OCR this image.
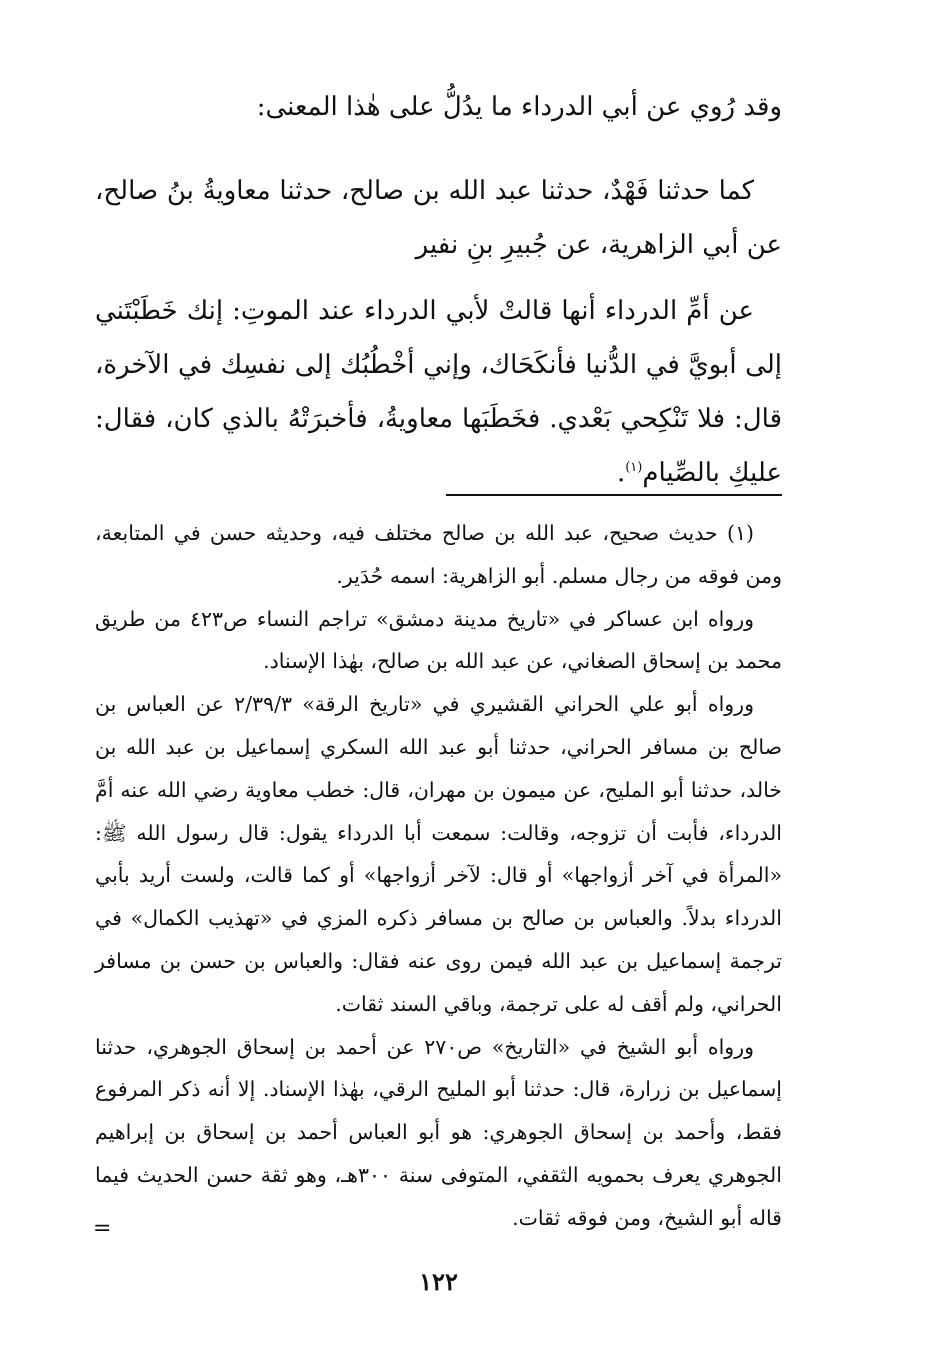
وقد رُوي عن أبي الدرداء ما يدُلُّ على هٰذا المعنى:

كما حدثنا فَهْدٌ، حدثنا عبد الله بن صالح، حدثنا معاويةُ بنُ صالح، عن أبي الزاهرية، عن جُبيرِ بنِ نفير

عن أمِّ الدرداء أنها قالتْ لأبي الدرداء عند الموتِ: إنك خَطَبْتَني إلى أبويَّ في الدُّنيا فأنكَحَاك، وإني أخْطُبُك إلى نفسِك في الآخرة، قال: فلا تَنْكِحي بَعْدي. فخَطَبَها معاويةُ، فأخبرَتْهُ بالذي كان، فقال: عليكِ بالصِّيام$^{(١)}$.

(١) حديث صحيح، عبد الله بن صالح مختلف فيه، وحديثه حسن في المتابعة، ومن فوقه من رجال مسلم. أبو الزاهرية: اسمه حُدَير.

ورواه ابن عساكر في «تاريخ مدينة دمشق» تراجم النساء ص٤٢٣ من طريق محمد بن إسحاق الصغاني، عن عبد الله بن صالح، بهٰذا الإسناد.

ورواه أبو علي الحراني القشيري في «تاريخ الرقة» ٢/٣٩/٣ عن العباس بن صالح بن مسافر الحراني، حدثنا أبو عبد الله السكري إسماعيل بن عبد الله بن خالد، حدثنا أبو المليح، عن ميمون بن مهران، قال: خطب معاوية رضي الله عنه أمَّ الدرداء، فأبت أن تزوجه، وقالت: سمعت أبا الدرداء يقول: قال رسول الله ﷺ: «المرأة في آخر أزواجها» أو قال: لآخر أزواجها» أو كما قالت، ولست أريد بأبي الدرداء بدلاً. والعباس بن صالح بن مسافر ذكره المزي في «تهذيب الكمال» في ترجمة إسماعيل بن عبد الله فيمن روى عنه فقال: والعباس بن حسن بن مسافر الحراني، ولم أقف له على ترجمة، وباقي السند ثقات.

ورواه أبو الشيخ في «التاريخ» ص٢٧٠ عن أحمد بن إسحاق الجوهري، حدثنا إسماعيل بن زرارة، قال: حدثنا أبو المليح الرقي، بهٰذا الإسناد. إلا أنه ذكر المرفوع فقط، وأحمد بن إسحاق الجوهري: هو أبو العباس أحمد بن إسحاق بن إبراهيم الجوهري يعرف بحمويه الثقفي، المتوفى سنة ٣٠٠هـ، وهو ثقة حسن الحديث فيما قاله أبو الشيخ، ومن فوقه ثقات.

=
١٢٢
